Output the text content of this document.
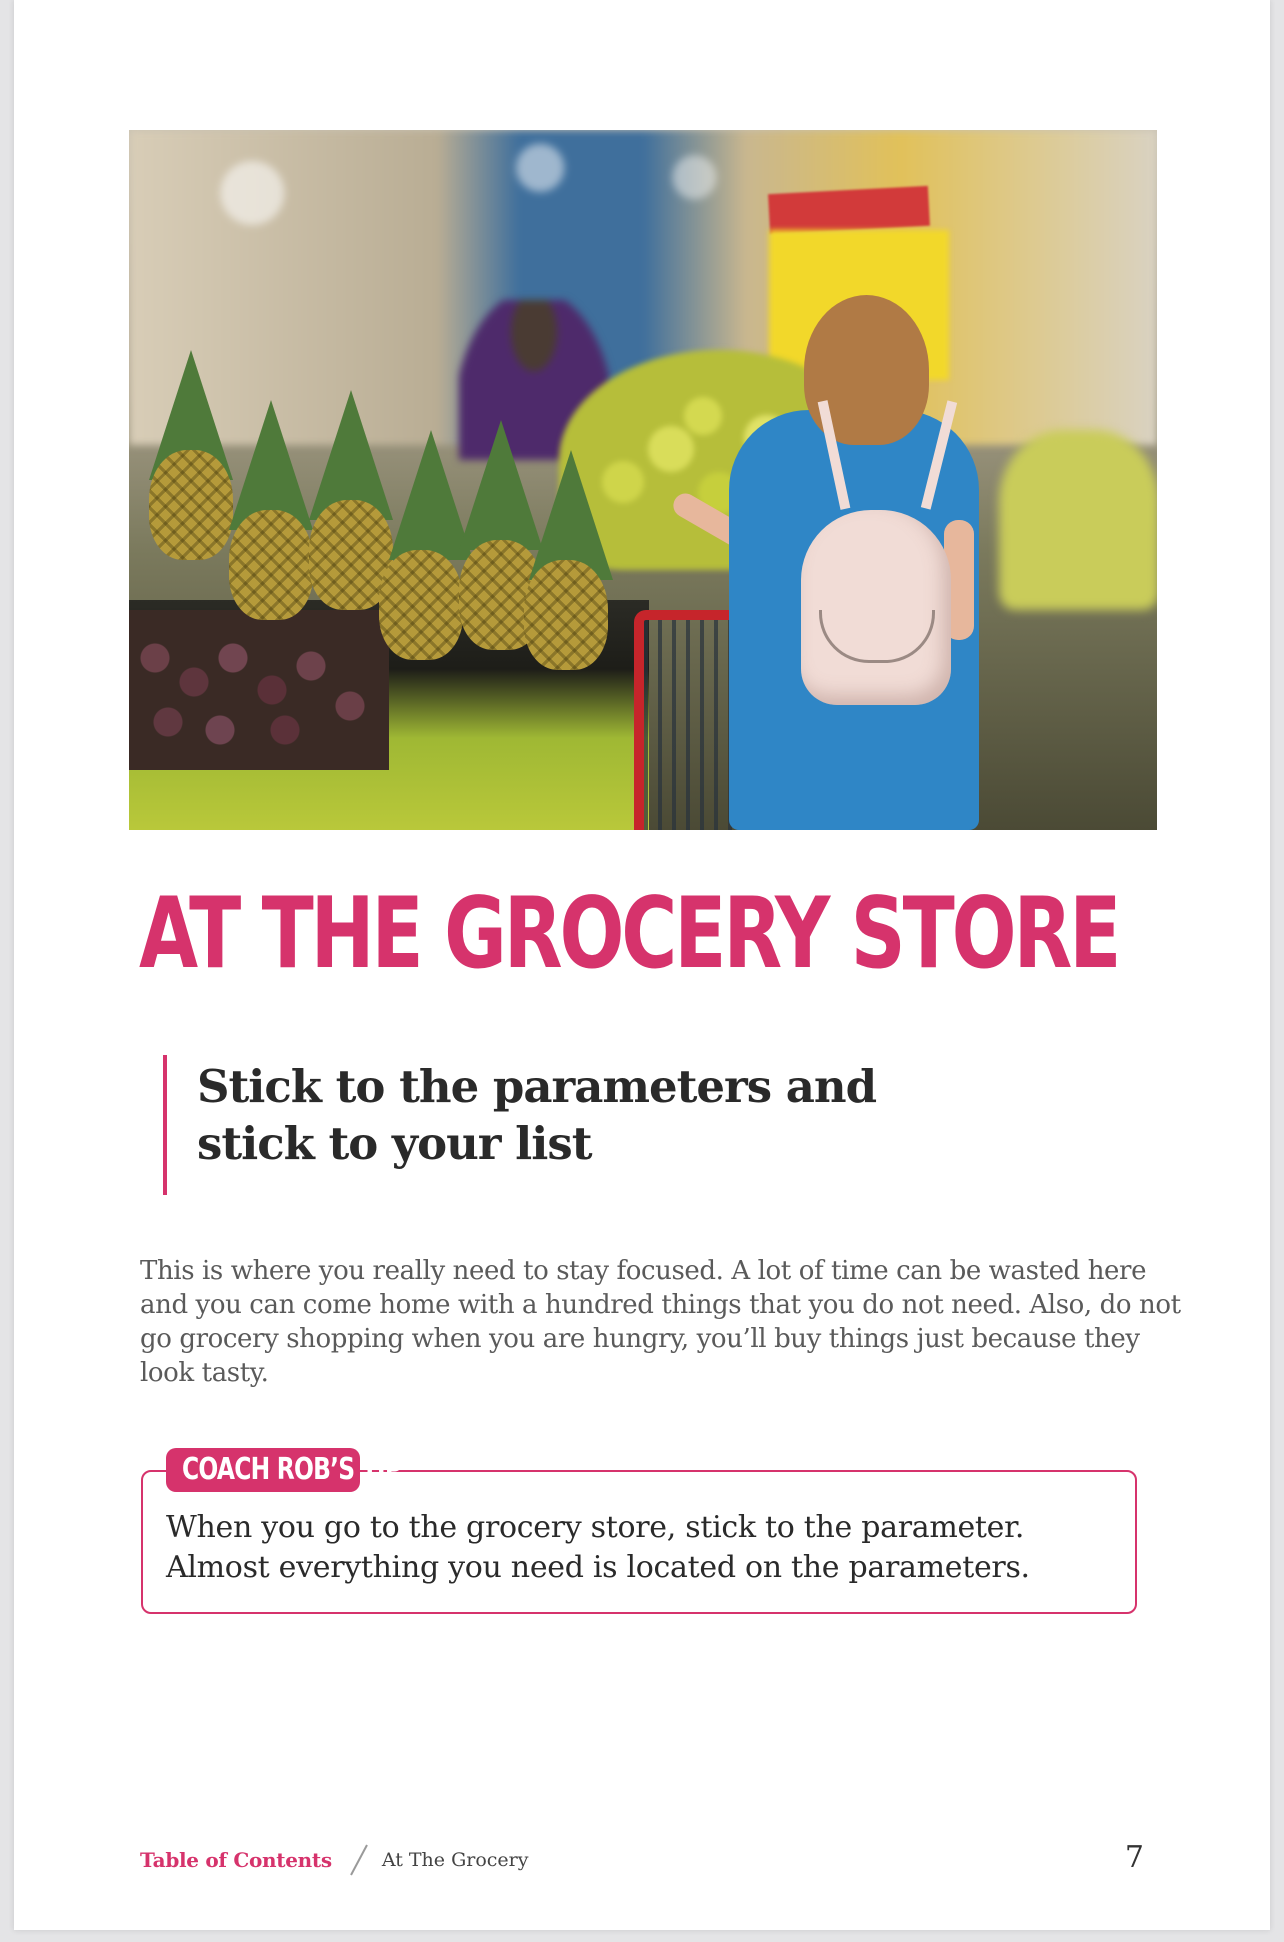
AT THE GROCERY STORE
Stick to the parameters and
stick to your list

This is where you really need to stay focused. A lot of time can be wasted here and you can come home with a hundred things that you do not need. Also, do not go grocery shopping when you are hungry, you’ll buy things just because they look tasty.

COACH ROB’S TIP

When you go to the grocery store, stick to the parameter. Almost everything you need is located on the parameters.

Table of Contents	At The Grocery	7
